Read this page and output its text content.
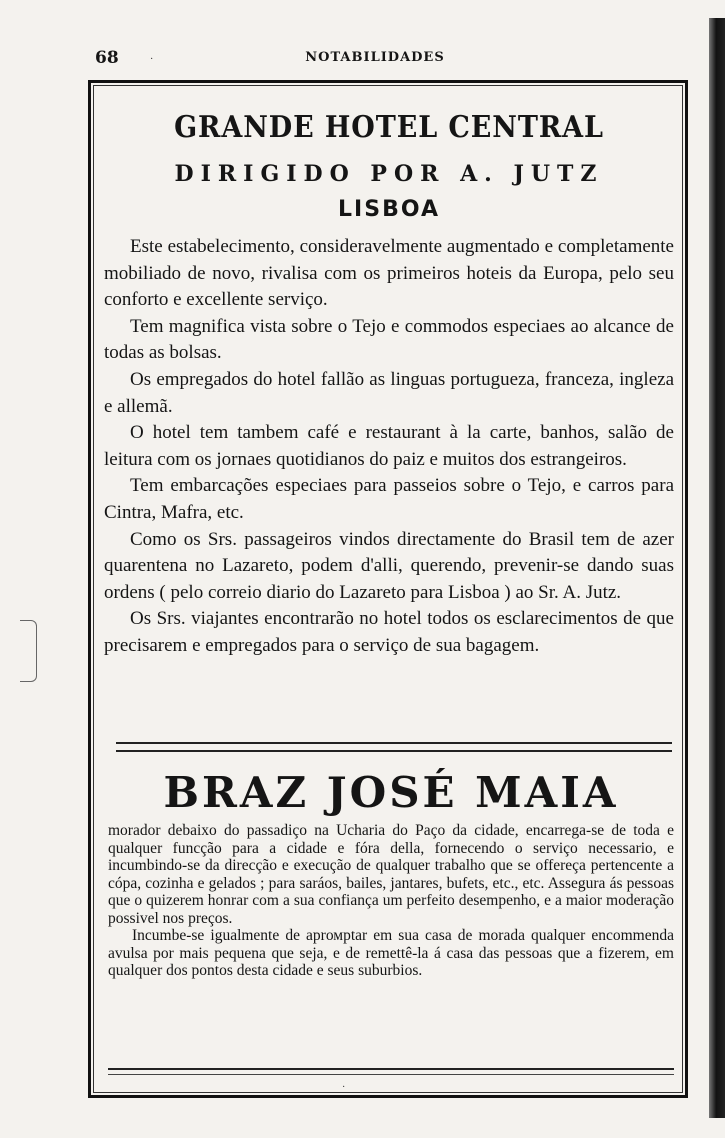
68	NOTABILIDADES
·
·
GRANDE HOTEL CENTRAL
DIRIGIDO POR A. JUTZ
LISBOA

Este estabelecimento, consideravelmente augmentado e completamente mobiliado de novo, rivalisa com os primeiros hoteis da Europa, pelo seu conforto e excellente serviço.

Tem magnifica vista sobre o Tejo e commodos especiaes ao alcance de todas as bolsas.

Os empregados do hotel fallão as linguas portugueza, franceza, ingleza e allemã.

O hotel tem tambem café e restaurant à la carte, banhos, salão de leitura com os jornaes quotidianos do paiz e muitos dos estrangeiros.

Tem embarcações especiaes para passeios sobre o Tejo, e carros para Cintra, Mafra, etc.

Como os Srs. passageiros vindos directamente do Brasil tem de azer quarentena no Lazareto, podem d'alli, querendo, prevenir-se dando suas ordens ( pelo correio diario do Lazareto para Lisboa ) ao Sr. A. Jutz.

Os Srs. viajantes encontrarão no hotel todos os esclarecimentos de que precisarem e empregados para o serviço de sua bagagem.

BRAZ JOSÉ MAIA

morador debaixo do passadiço na Ucharia do Paço da cidade, encarrega-se de toda e qualquer funcção para a cidade e fóra della, fornecendo o serviço necessario, e incumbindo-se da direcção e execução de qualquer trabalho que se offereça pertencente a cópa, cozinha e gelados ; para saráos, bailes, jantares, bufets, etc., etc. Assegura ás pessoas que o quizerem honrar com a sua confiança um perfeito desempenho, e a maior moderação possivel nos preços.

Incumbe-se igualmente de aprомptar em sua casa de morada qualquer encommenda avulsa por mais pequena que seja, e de remettê-la á casa das pessoas que a fizerem, em qualquer dos pontos desta cidade e seus suburbios.
